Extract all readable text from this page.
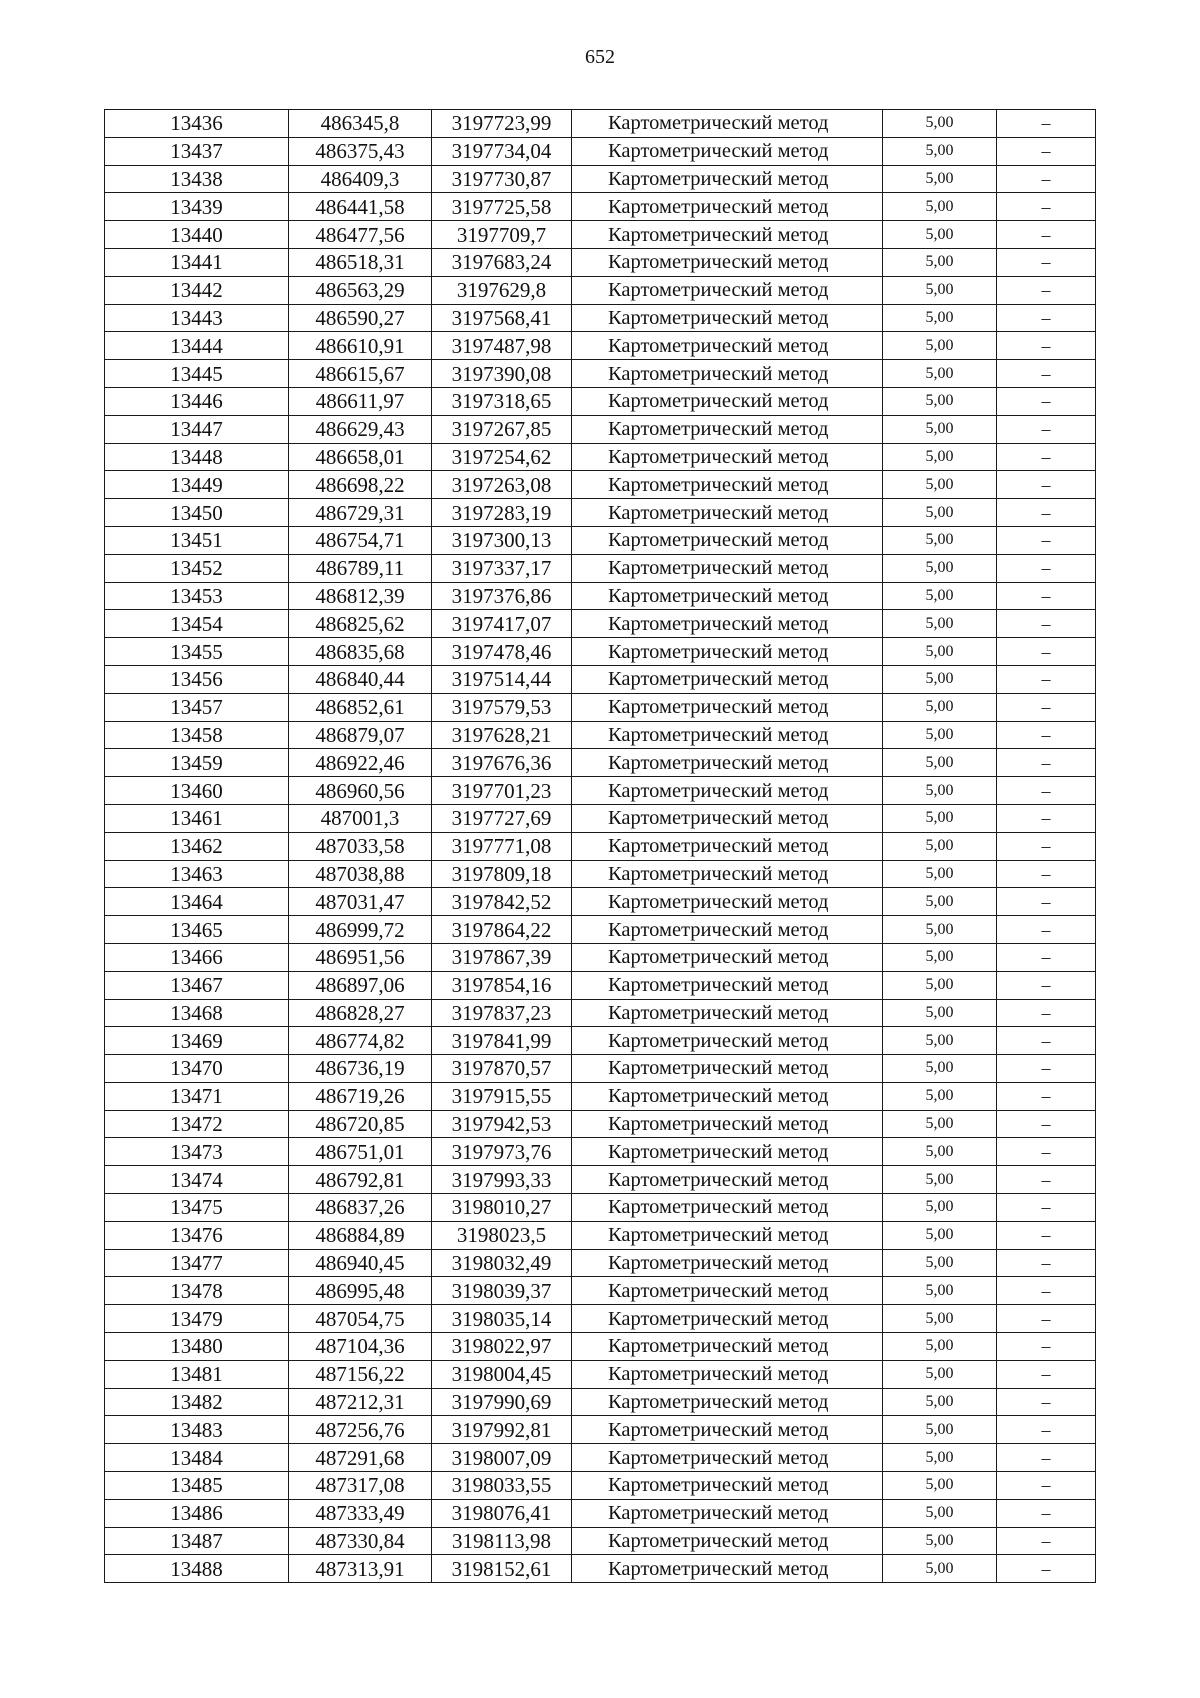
652
13436	486345,8	3197723,99	Картометрический метод	5,00	–
13437	486375,43	3197734,04	Картометрический метод	5,00	–
13438	486409,3	3197730,87	Картометрический метод	5,00	–
13439	486441,58	3197725,58	Картометрический метод	5,00	–
13440	486477,56	3197709,7	Картометрический метод	5,00	–
13441	486518,31	3197683,24	Картометрический метод	5,00	–
13442	486563,29	3197629,8	Картометрический метод	5,00	–
13443	486590,27	3197568,41	Картометрический метод	5,00	–
13444	486610,91	3197487,98	Картометрический метод	5,00	–
13445	486615,67	3197390,08	Картометрический метод	5,00	–
13446	486611,97	3197318,65	Картометрический метод	5,00	–
13447	486629,43	3197267,85	Картометрический метод	5,00	–
13448	486658,01	3197254,62	Картометрический метод	5,00	–
13449	486698,22	3197263,08	Картометрический метод	5,00	–
13450	486729,31	3197283,19	Картометрический метод	5,00	–
13451	486754,71	3197300,13	Картометрический метод	5,00	–
13452	486789,11	3197337,17	Картометрический метод	5,00	–
13453	486812,39	3197376,86	Картометрический метод	5,00	–
13454	486825,62	3197417,07	Картометрический метод	5,00	–
13455	486835,68	3197478,46	Картометрический метод	5,00	–
13456	486840,44	3197514,44	Картометрический метод	5,00	–
13457	486852,61	3197579,53	Картометрический метод	5,00	–
13458	486879,07	3197628,21	Картометрический метод	5,00	–
13459	486922,46	3197676,36	Картометрический метод	5,00	–
13460	486960,56	3197701,23	Картометрический метод	5,00	–
13461	487001,3	3197727,69	Картометрический метод	5,00	–
13462	487033,58	3197771,08	Картометрический метод	5,00	–
13463	487038,88	3197809,18	Картометрический метод	5,00	–
13464	487031,47	3197842,52	Картометрический метод	5,00	–
13465	486999,72	3197864,22	Картометрический метод	5,00	–
13466	486951,56	3197867,39	Картометрический метод	5,00	–
13467	486897,06	3197854,16	Картометрический метод	5,00	–
13468	486828,27	3197837,23	Картометрический метод	5,00	–
13469	486774,82	3197841,99	Картометрический метод	5,00	–
13470	486736,19	3197870,57	Картометрический метод	5,00	–
13471	486719,26	3197915,55	Картометрический метод	5,00	–
13472	486720,85	3197942,53	Картометрический метод	5,00	–
13473	486751,01	3197973,76	Картометрический метод	5,00	–
13474	486792,81	3197993,33	Картометрический метод	5,00	–
13475	486837,26	3198010,27	Картометрический метод	5,00	–
13476	486884,89	3198023,5	Картометрический метод	5,00	–
13477	486940,45	3198032,49	Картометрический метод	5,00	–
13478	486995,48	3198039,37	Картометрический метод	5,00	–
13479	487054,75	3198035,14	Картометрический метод	5,00	–
13480	487104,36	3198022,97	Картометрический метод	5,00	–
13481	487156,22	3198004,45	Картометрический метод	5,00	–
13482	487212,31	3197990,69	Картометрический метод	5,00	–
13483	487256,76	3197992,81	Картометрический метод	5,00	–
13484	487291,68	3198007,09	Картометрический метод	5,00	–
13485	487317,08	3198033,55	Картометрический метод	5,00	–
13486	487333,49	3198076,41	Картометрический метод	5,00	–
13487	487330,84	3198113,98	Картометрический метод	5,00	–
13488	487313,91	3198152,61	Картометрический метод	5,00	–
